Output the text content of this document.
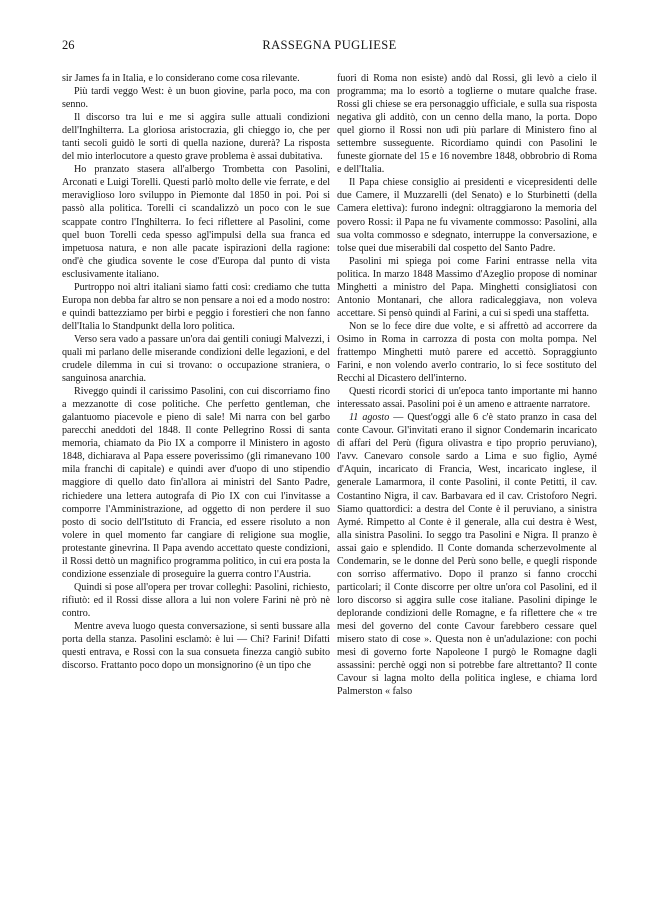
26	RASSEGNA PUGLIESE

sir James fa in Italia, e lo considerano come cosa rilevante.

Più tardi veggo West: è un buon giovine, parla poco, ma con senno.

Il discorso tra lui e me si aggira sulle attuali condizioni dell'Inghilterra. La gloriosa aristocrazia, gli chieggo io, che per tanti secoli guidò le sorti di quella nazione, durerà? La risposta del mio interlocutore a questo grave problema è assai dubitativa.

Ho pranzato stasera all'albergo Trombetta con Pasolini, Arconati e Luigi Torelli. Questi parlò molto delle vie ferrate, e del meraviglioso loro sviluppo in Piemonte dal 1850 in poi. Poi si passò alla politica. Torelli ci scandalizzò un poco con le sue scappate contro l'Inghilterra. Io feci riflettere al Pasolini, come quel buon Torelli ceda spesso agl'impulsi della sua franca ed impetuosa natura, e non alle pacate ispirazioni della ragione: ond'è che giudica sovente le cose d'Europa dal punto di vista esclusivamente italiano.

Purtroppo noi altri italiani siamo fatti così: crediamo che tutta Europa non debba far altro se non pensare a noi ed a modo nostro: e quindi battezziamo per birbi e peggio i forestieri che non fanno dell'Italia lo Standpunkt della loro politica.

Verso sera vado a passare un'ora dai gentili coniugi Malvezzi, i quali mi parlano delle miserande condizioni delle legazioni, e del crudele dilemma in cui si trovano: o occupazione straniera, o sanguinosa anarchia.

Riveggo quindi il carissimo Pasolini, con cui discorriamo fino a mezzanotte di cose politiche. Che perfetto gentleman, che galantuomo piacevole e pieno di sale! Mi narra con bel garbo parecchi aneddoti del 1848. Il conte Pellegrino Rossi di santa memoria, chiamato da Pio IX a comporre il Ministero in agosto 1848, dichiarava al Papa essere poverissimo (gli rimanevano 100 mila franchi di capitale) e quindi aver d'uopo di uno stipendio maggiore di quello dato fin'allora ai ministri del Santo Padre, richiedere una lettera autografa di Pio IX con cui l'invitasse a comporre l'Amministrazione, ad oggetto di non perdere il suo posto di socio dell'Istituto di Francia, ed essere risoluto a non volere in quel momento far cangiare di religione sua moglie, protestante ginevrina. Il Papa avendo accettato queste condizioni, il Rossi dettò un magnifico programma politico, in cui era posta la condizione essenziale di proseguire la guerra contro l'Austria.

Quindi si pose all'opera per trovar colleghi: Pasolini, richiesto, rifiutò: ed il Rossi disse allora a lui non volere Farini nè prò nè contro.

Mentre aveva luogo questa conversazione, si sentì bussare alla porta della stanza. Pasolini esclamò: è lui — Chi? Farini! Difatti questi entrava, e Rossi con la sua consueta finezza cangiò subito discorso. Frattanto poco dopo un monsignorino (è un tipo che

fuori di Roma non esiste) andò dal Rossi, gli levò a cielo il programma; ma lo esortò a toglierne o mutare qualche frase. Rossi gli chiese se era personaggio ufficiale, e sulla sua risposta negativa gli additò, con un cenno della mano, la porta. Dopo quel giorno il Rossi non udì più parlare di Ministero fino al settembre susseguente. Ricordiamo quindi con Pasolini le funeste giornate del 15 e 16 novembre 1848, obbrobrio di Roma e dell'Italia.

Il Papa chiese consiglio ai presidenti e vicepresidenti delle due Camere, il Muzzarelli (del Senato) e lo Sturbinetti (della Camera elettiva): furono indegni: oltraggiarono la memoria del povero Rossi: il Papa ne fu vivamente commosso: Pasolini, alla sua volta commosso e sdegnato, interruppe la conversazione, e tolse quei due miserabili dal cospetto del Santo Padre.

Pasolini mi spiega poi come Farini entrasse nella vita politica. In marzo 1848 Massimo d'Azeglio propose di nominar Minghetti a ministro del Papa. Minghetti consigliatosi con Antonio Montanari, che allora radicaleggiava, non voleva accettare. Si pensò quindi al Farini, a cui si spedì una staffetta.

Non se lo fece dire due volte, e si affrettò ad accorrere da Osimo in Roma in carrozza di posta con molta pompa. Nel frattempo Minghetti mutò parere ed accettò. Sopraggiunto Farini, e non volendo averlo contrario, lo si fece sostituto del Recchi al Dicastero dell'interno.

Questi ricordi storici di un'epoca tanto importante mi hanno interessato assai. Pasolini poi è un ameno e attraente narratore.

11 agosto — Quest'oggi alle 6 c'è stato pranzo in casa del conte Cavour. Gl'invitati erano il signor Condemarin incaricato di affari del Perù (figura olivastra e tipo proprio peruviano), l'avv. Canevaro console sardo a Lima e suo figlio, Aymé d'Aquin, incaricato di Francia, West, incaricato inglese, il generale Lamarmora, il conte Pasolini, il conte Petitti, il cav. Costantino Nigra, il cav. Barbavara ed il cav. Cristoforo Negri. Siamo quattordici: a destra del Conte è il peruviano, a sinistra Aymé. Rimpetto al Conte è il generale, alla cui destra è West, alla sinistra Pasolini. Io seggo tra Pasolini e Nigra. Il pranzo è assai gaio e splendido. Il Conte domanda scherzevolmente al Condemarin, se le donne del Perù sono belle, e quegli risponde con sorriso affermativo. Dopo il pranzo si fanno crocchi particolari; il Conte discorre per oltre un'ora col Pasolini, ed il loro discorso si aggira sulle cose italiane. Pasolini dipinge le deplorande condizioni delle Romagne, e fa riflettere che « tre mesi del governo del conte Cavour farebbero cessare quel misero stato di cose ». Questa non è un'adulazione: con pochi mesi di governo forte Napoleone I purgò le Romagne dagli assassini: perchè oggi non si potrebbe fare altrettanto? Il conte Cavour si lagna molto della politica inglese, e chiama lord Palmerston « falso
